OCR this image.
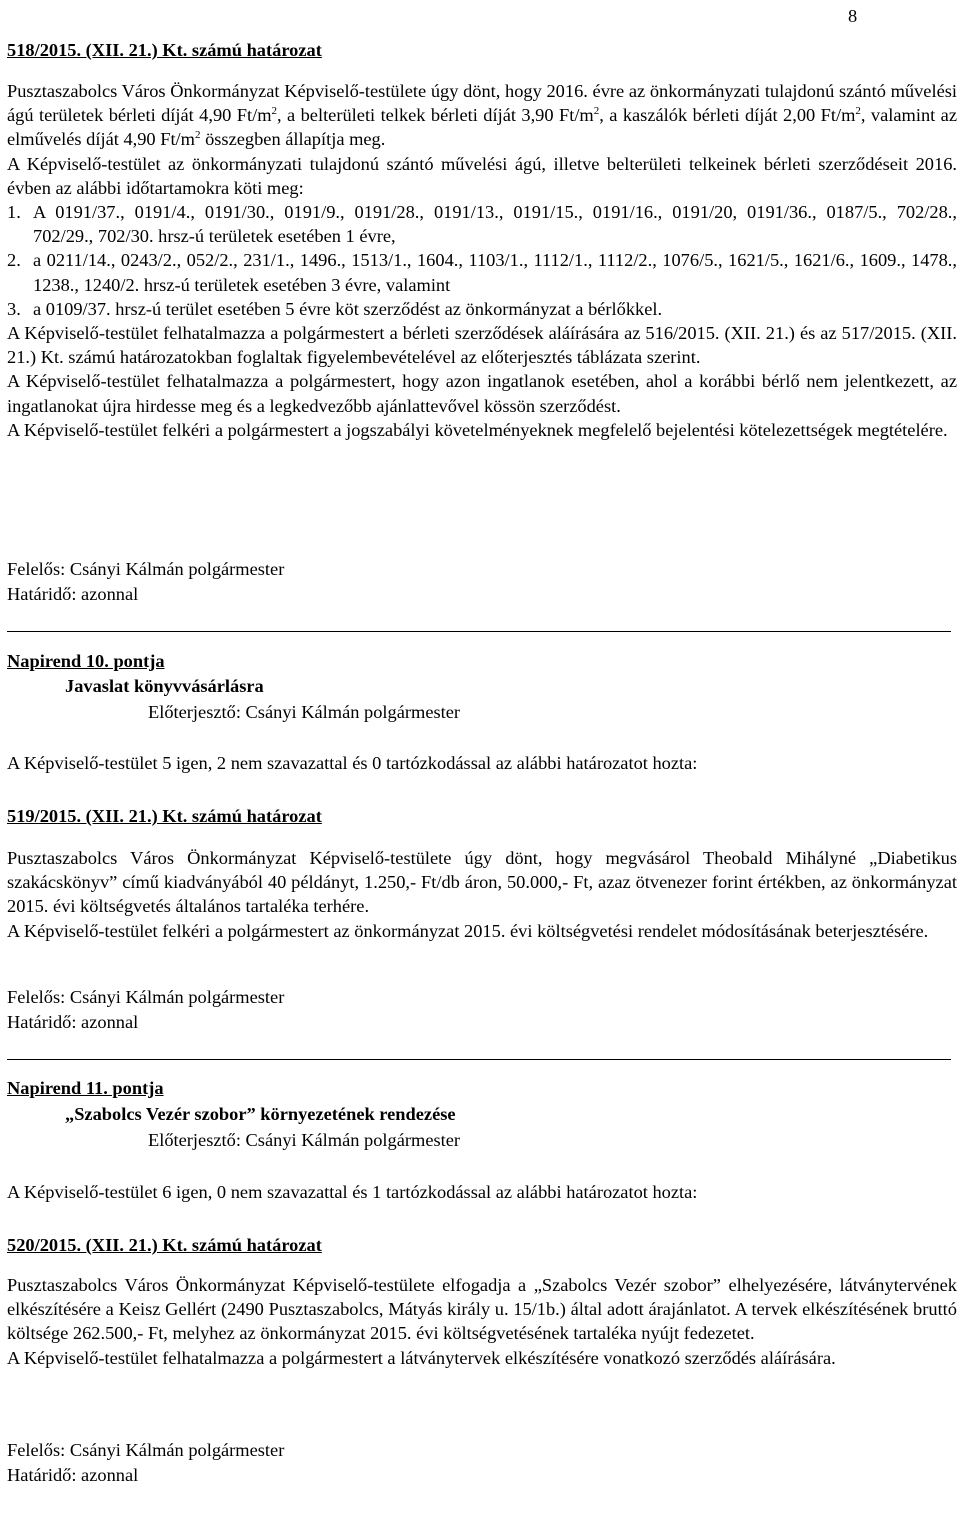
8
518/2015. (XII. 21.) Kt. számú határozat

Pusztaszabolcs Város Önkormányzat Képviselő-testülete úgy dönt, hogy 2016. évre az önkormányzati tulajdonú szántó művelési ágú területek bérleti díját 4,90 $Ft/m^2$, a belterületi telkek bérleti díját 3,90 $Ft/m^2$, a kaszálók bérleti díját 2,00 $Ft/m^2$, valamint az elművelés díját 4,90 $Ft/m^2$ összegben állapítja meg.

A Képviselő-testület az önkormányzati tulajdonú szántó művelési ágú, illetve belterületi telkeinek bérleti szerződéseit 2016. évben az alábbi időtartamokra köti meg:

1. A 0191/37., 0191/4., 0191/30., 0191/9., 0191/28., 0191/13., 0191/15., 0191/16., 0191/20, 0191/36., 0187/5., 702/28., 702/29., 702/30. hrsz-ú területek esetében 1 évre,

2. a 0211/14., 0243/2., 052/2., 231/1., 1496., 1513/1., 1604., 1103/1., 1112/1., 1112/2., 1076/5., 1621/5., 1621/6., 1609., 1478., 1238., 1240/2. hrsz-ú területek esetében 3 évre, valamint

3. a 0109/37. hrsz-ú terület esetében 5 évre köt szerződést az önkormányzat a bérlőkkel.

A Képviselő-testület felhatalmazza a polgármestert a bérleti szerződések aláírására az 516/2015. (XII. 21.) és az 517/2015. (XII. 21.) Kt. számú határozatokban foglaltak figyelembevételével az előterjesztés táblázata szerint.

A Képviselő-testület felhatalmazza a polgármestert, hogy azon ingatlanok esetében, ahol a korábbi bérlő nem jelentkezett, az ingatlanokat újra hirdesse meg és a legkedvezőbb ajánlattevővel kössön szerződést.

A Képviselő-testület felkéri a polgármestert a jogszabályi követelményeknek megfelelő bejelentési kötelezettségek megtételére.

Felelős: Csányi Kálmán polgármester
Határidő: azonnal
Napirend 10. pontja
Javaslat könyvvásárlásra
Előterjesztő: Csányi Kálmán polgármester
A Képviselő-testület 5 igen, 2 nem szavazattal és 0 tartózkodással az alábbi határozatot hozta:
519/2015. (XII. 21.) Kt. számú határozat

Pusztaszabolcs Város Önkormányzat Képviselő-testülete úgy dönt, hogy megvásárol Theobald Mihályné „Diabetikus szakácskönyv” című kiadványából 40 példányt, 1.250,- Ft/db áron, 50.000,- Ft, azaz ötvenezer forint értékben, az önkormányzat 2015. évi költségvetés általános tartaléka terhére.

A Képviselő-testület felkéri a polgármestert az önkormányzat 2015. évi költségvetési rendelet módosításának beterjesztésére.

Felelős: Csányi Kálmán polgármester
Határidő: azonnal
Napirend 11. pontja
„Szabolcs Vezér szobor” környezetének rendezése
Előterjesztő: Csányi Kálmán polgármester
A Képviselő-testület 6 igen, 0 nem szavazattal és 1 tartózkodással az alábbi határozatot hozta:
520/2015. (XII. 21.) Kt. számú határozat

Pusztaszabolcs Város Önkormányzat Képviselő-testülete elfogadja a „Szabolcs Vezér szobor” elhelyezésére, látványtervének elkészítésére a Keisz Gellért (2490 Pusztaszabolcs, Mátyás király u. 15/1b.) által adott árajánlatot. A tervek elkészítésének bruttó költsége 262.500,- Ft, melyhez az önkormányzat 2015. évi költségvetésének tartaléka nyújt fedezetet.

A Képviselő-testület felhatalmazza a polgármestert a látványtervek elkészítésére vonatkozó szerződés aláírására.

Felelős: Csányi Kálmán polgármester
Határidő: azonnal
